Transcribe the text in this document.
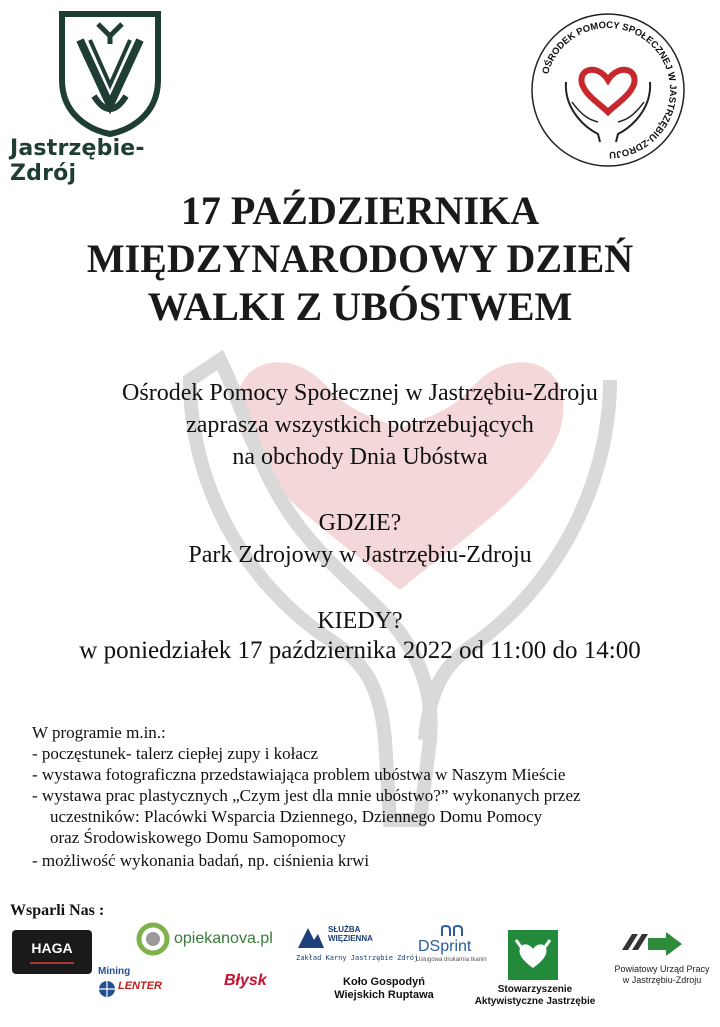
Jastrzębie-Zdrój
OŚRODEK POMOCY SPOŁECZNEJ W JASTRZĘBIU-ZDROJU
17 PAŹDZIERNIKA
MIĘDZYNARODOWY DZIEŃ
WALKI Z UBÓSTWEM
Ośrodek Pomocy Społecznej w Jastrzębiu-Zdroju
zaprasza wszystkich potrzebujących
na obchody Dnia Ubóstwa
GDZIE?
Park Zdrojowy w Jastrzębiu-Zdroju
KIEDY?
w poniedziałek 17 października 2022 od 11:00 do 14:00
W programie m.in.:
- poczęstunek- talerz ciepłej zupy i kołacz
- wystawa fotograficzna przedstawiająca problem ubóstwa w Naszym Mieście
- wystawa prac plastycznych „Czym jest dla mnie ubóstwo?” wykonanych przez
uczestników: Placówki Wsparcia Dziennego, Dziennego Domu Pomocy
oraz Środowiskowego Domu Samopomocy
- możliwość wykonania badań, np. ciśnienia krwi
Wsparli Nas :
HAGA
Mining
LENTER
opiekanova.pl
Błysk
SŁUŻBA
WIĘZIENNA
Zakład Karny Jastrzębie Zdrój
Koło Gospodyń
Wiejskich Ruptawa
DSprint
Usługowa drukarnia tkanin
Stowarzyszenie
Aktywistyczne Jastrzębie
Powiatowy Urząd Pracy
w Jastrzębiu-Zdroju
